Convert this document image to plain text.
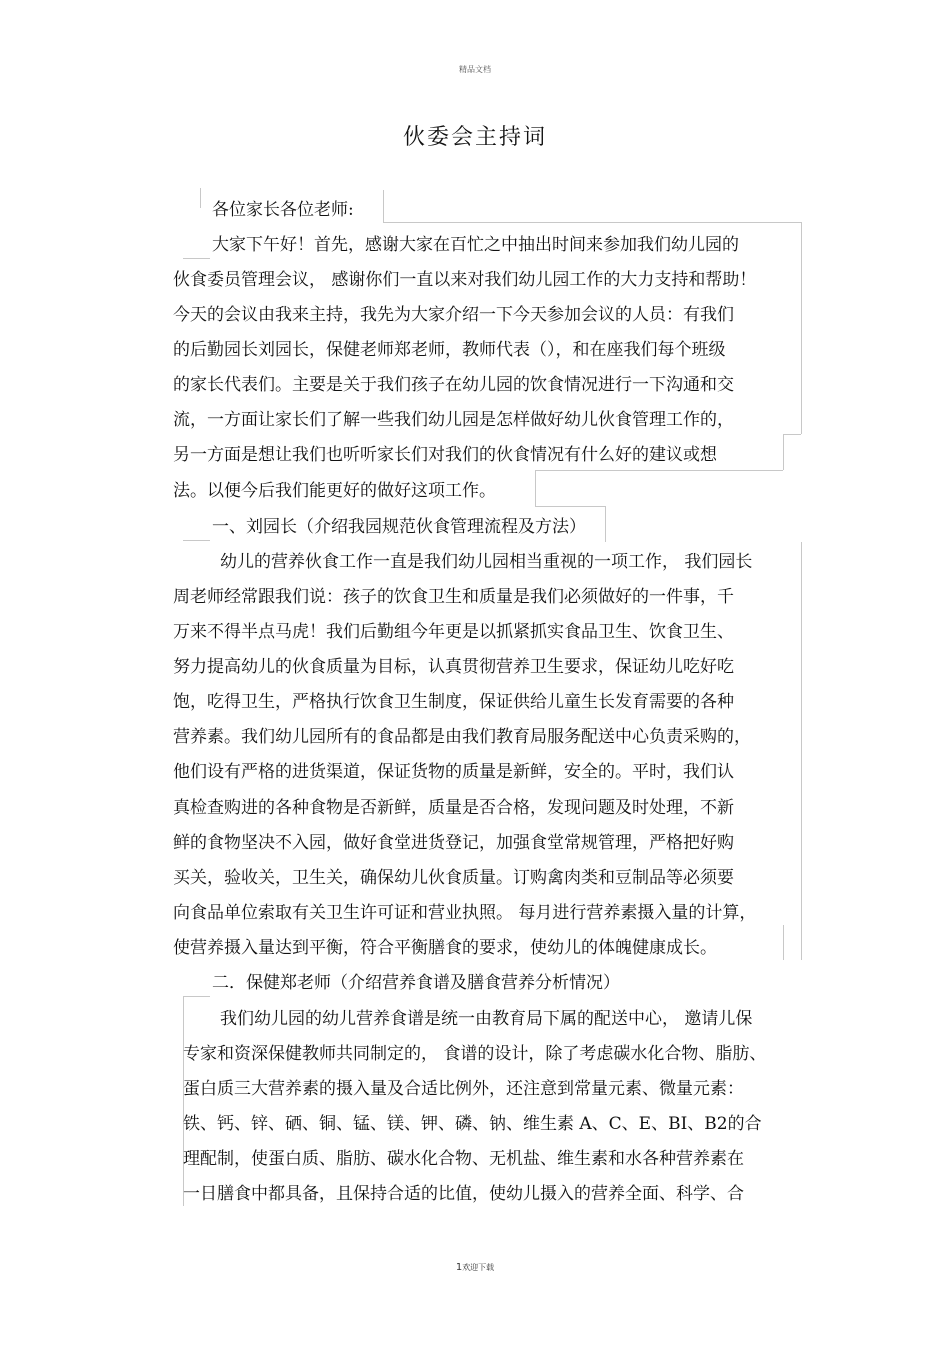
精品文档
伙委会主持词
各位家长各位老师:
大家下午好！首先，感谢大家在百忙之中抽出时间来参加我们幼儿园的
伙食委员管理会议， 感谢你们一直以来对我们幼儿园工作的大力支持和帮助！
今天的会议由我来主持，我先为大家介绍一下今天参加会议的人员：有我们
的后勤园长刘园长，保健老师郑老师，教师代表（），和在座我们每个班级
的家长代表们。主要是关于我们孩子在幼儿园的饮食情况进行一下沟通和交
流，一方面让家长们了解一些我们幼儿园是怎样做好幼儿伙食管理工作的，
另一方面是想让我们也听听家长们对我们的伙食情况有什么好的建议或想
法。以便今后我们能更好的做好这项工作。
一、刘园长（介绍我园规范伙食管理流程及方法）
幼儿的营养伙食工作一直是我们幼儿园相当重视的一项工作， 我们园长
周老师经常跟我们说：孩子的饮食卫生和质量是我们必须做好的一件事，千
万来不得半点马虎！我们后勤组今年更是以抓紧抓实食品卫生、饮食卫生、
努力提高幼儿的伙食质量为目标，认真贯彻营养卫生要求，保证幼儿吃好吃
饱，吃得卫生，严格执行饮食卫生制度，保证供给儿童生长发育需要的各种
营养素。我们幼儿园所有的食品都是由我们教育局服务配送中心负责采购的，
他们设有严格的进货渠道，保证货物的质量是新鲜，安全的。平时，我们认
真检查购进的各种食物是否新鲜，质量是否合格，发现问题及时处理，不新
鲜的食物坚决不入园，做好食堂进货登记，加强食堂常规管理，严格把好购
买关，验收关，卫生关，确保幼儿伙食质量。订购禽肉类和豆制品等必须要
向食品单位索取有关卫生许可证和营业执照。 每月进行营养素摄入量的计算，
使营养摄入量达到平衡，符合平衡膳食的要求，使幼儿的体魄健康成长。
二．保健郑老师（介绍营养食谱及膳食营养分析情况）
我们幼儿园的幼儿营养食谱是统一由教育局下属的配送中心， 邀请儿保
专家和资深保健教师共同制定的， 食谱的设计，除了考虑碳水化合物、脂肪、
蛋白质三大营养素的摄入量及合适比例外，还注意到常量元素、微量元素：
铁、钙、锌、硒、铜、锰、镁、钾、磷、钠、维生素 A、C、E、BI、B2的合
理配制，使蛋白质、脂肪、碳水化合物、无机盐、维生素和水各种营养素在
一日膳食中都具备，且保持合适的比值，使幼儿摄入的营养全面、科学、合
1欢迎下载
